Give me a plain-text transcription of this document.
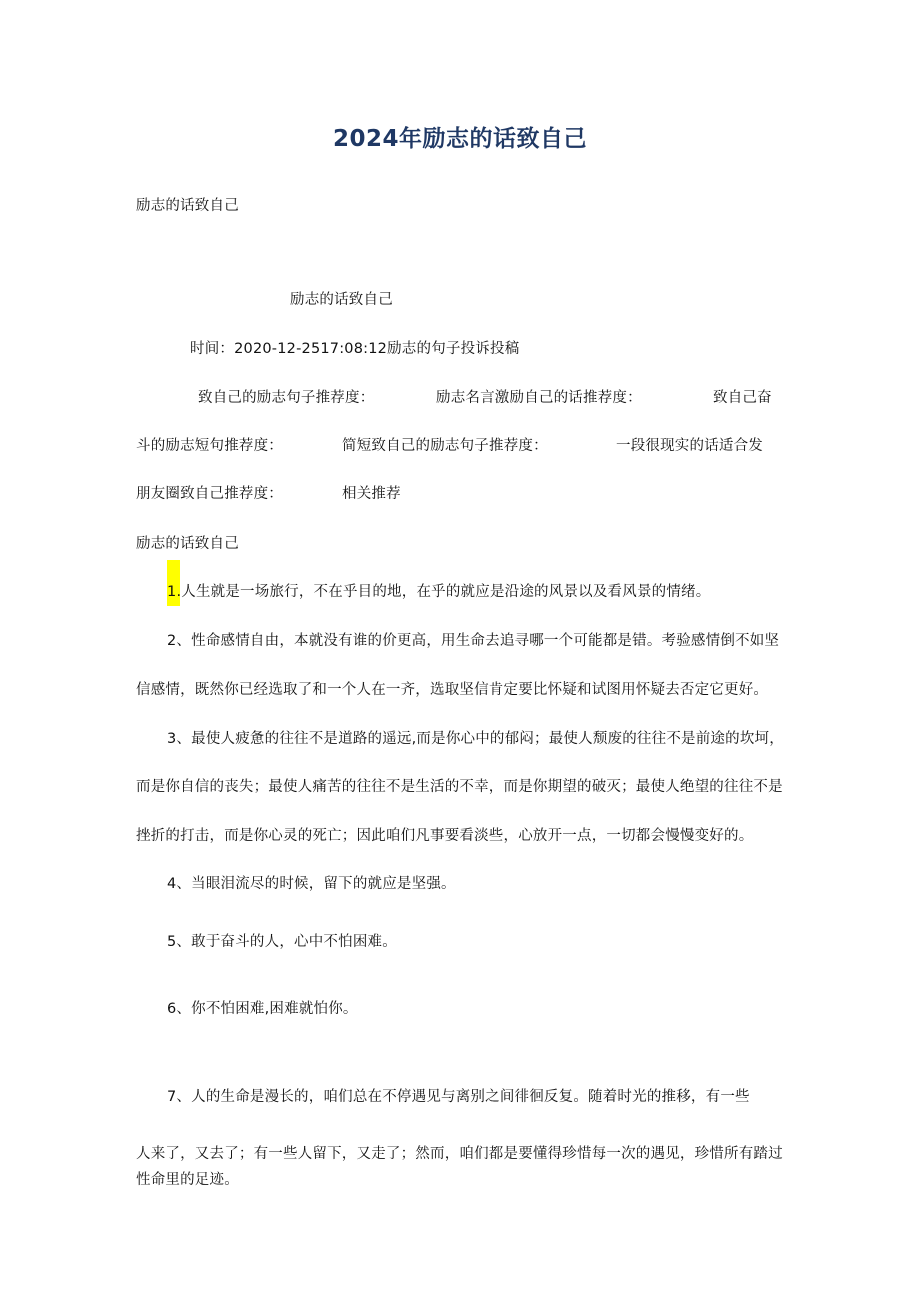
2024年励志的话致自己
励志的话致自己
励志的话致自己
时间：2020-12-2517:08:12励志的句子投诉投稿
致自己的励志句子推荐度：	励志名言激励自己的话推荐度：	致自己奋
斗的励志短句推荐度：	简短致自己的励志句子推荐度：	一段很现实的话适合发
朋友圈致自己推荐度：	相关推荐
励志的话致自己
1.人生就是一场旅行，不在乎目的地，在乎的就应是沿途的风景以及看风景的情绪。
2、性命感情自由，本就没有谁的价更高，用生命去追寻哪一个可能都是错。考验感情倒不如坚
信感情，既然你已经选取了和一个人在一齐，选取坚信肯定要比怀疑和试图用怀疑去否定它更好。
3、最使人疲惫的往往不是道路的遥远,而是你心中的郁闷；最使人颓废的往往不是前途的坎坷，
而是你自信的丧失；最使人痛苦的往往不是生活的不幸，而是你期望的破灭；最使人绝望的往往不是
挫折的打击，而是你心灵的死亡；因此咱们凡事要看淡些，心放开一点，一切都会慢慢变好的。
4、当眼泪流尽的时候，留下的就应是坚强。
5、敢于奋斗的人，心中不怕困难。
6、你不怕困难,困难就怕你。
7、人的生命是漫长的，咱们总在不停遇见与离别之间徘徊反复。随着时光的推移，有一些
人来了，又去了；有一些人留下，又走了；然而，咱们都是要懂得珍惜每一次的遇见，珍惜所有踏过
性命里的足迹。
